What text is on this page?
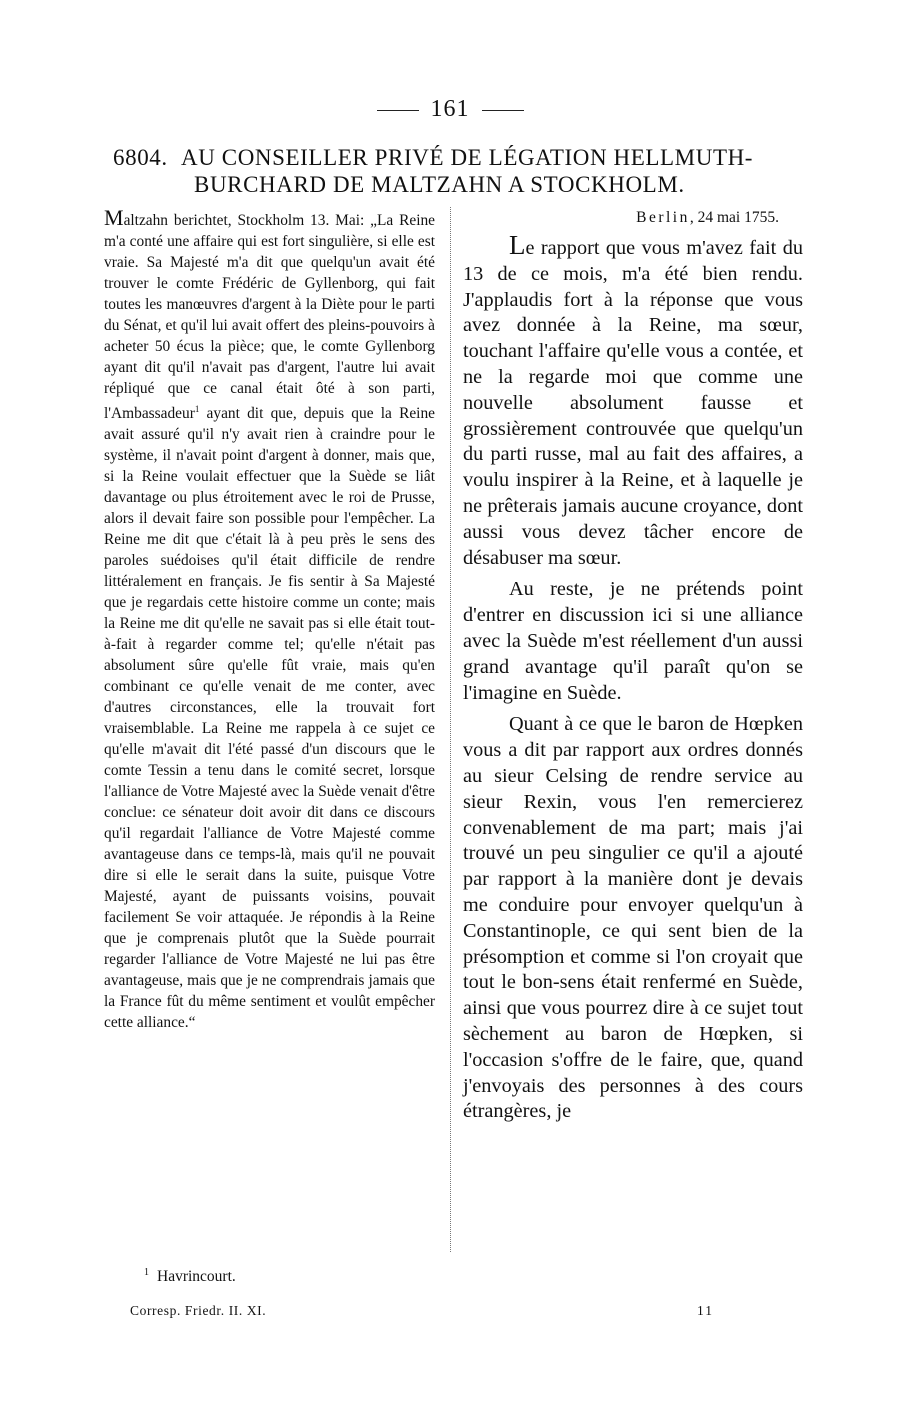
161
6804. AU CONSEILLER PRIVÉ DE LÉGATION HELLMUTH-
BURCHARD DE MALTZAHN A STOCKHOLM.

Maltzahn berichtet, Stockholm 13. Mai: „La Reine m'a conté une affaire qui est fort singulière, si elle est vraie. Sa Majesté m'a dit que quelqu'un avait été trouver le comte Frédéric de Gyllenborg, qui fait toutes les manœuvres d'argent à la Diète pour le parti du Sénat, et qu'il lui avait offert des pleins-pouvoirs à acheter 50 écus la pièce; que, le comte Gyllenborg ayant dit qu'il n'avait pas d'argent, l'autre lui avait répliqué que ce canal était ôté à son parti, l'Ambassadeur$^1$ ayant dit que, depuis que la Reine avait assuré qu'il n'y avait rien à craindre pour le système, il n'avait point d'argent à donner, mais que, si la Reine voulait effectuer que la Suède se liât davantage ou plus étroitement avec le roi de Prusse, alors il devait faire son possible pour l'empêcher. La Reine me dit que c'était là à peu près le sens des paroles suédoises qu'il était difficile de rendre littéralement en français. Je fis sentir à Sa Majesté que je regardais cette histoire comme un conte; mais la Reine me dit qu'elle ne savait pas si elle était tout-à-fait à regarder comme tel; qu'elle n'était pas absolument sûre qu'elle fût vraie, mais qu'en combinant ce qu'elle venait de me conter, avec d'autres circonstances, elle la trouvait fort vraisemblable. La Reine me rappela à ce sujet ce qu'elle m'avait dit l'été passé d'un discours que le comte Tessin a tenu dans le comité secret, lorsque l'alliance de Votre Majesté avec la Suède venait d'être conclue: ce sénateur doit avoir dit dans ce discours qu'il regardait l'alliance de Votre Majesté comme avantageuse dans ce temps-là, mais qu'il ne pouvait dire si elle le serait dans la suite, puisque Votre Majesté, ayant de puissants voisins, pouvait facilement Se voir attaquée. Je répondis à la Reine que je comprenais plutôt que la Suède pourrait regarder l'alliance de Votre Majesté ne lui pas être avantageuse, mais que je ne comprendrais jamais que la France fût du même sentiment et voulût empêcher cette alliance.“

Berlin, 24 mai 1755.

Le rapport que vous m'avez fait du 13 de ce mois, m'a été bien rendu. J'applaudis fort à la réponse que vous avez donnée à la Reine, ma sœur, touchant l'affaire qu'elle vous a contée, et ne la regarde moi que comme une nouvelle absolument fausse et grossièrement controuvée que quelqu'un du parti russe, mal au fait des affaires, a voulu inspirer à la Reine, et à laquelle je ne prêterais jamais aucune croyance, dont aussi vous devez tâcher encore de désabuser ma sœur.

Au reste, je ne prétends point d'entrer en discussion ici si une alliance avec la Suède m'est réellement d'un aussi grand avantage qu'il paraît qu'on se l'imagine en Suède.

Quant à ce que le baron de Hœpken vous a dit par rapport aux ordres donnés au sieur Celsing de rendre service au sieur Rexin, vous l'en remercierez convenablement de ma part; mais j'ai trouvé un peu singulier ce qu'il a ajouté par rapport à la manière dont je devais me conduire pour envoyer quelqu'un à Constantinople, ce qui sent bien de la présomption et comme si l'on croyait que tout le bon-sens était renfermé en Suède, ainsi que vous pourrez dire à ce sujet tout sèchement au baron de Hœpken, si l'occasion s'offre de le faire, que, quand j'envoyais des personnes à des cours étrangères, je

$^1$ Havrincourt.
Corresp. Friedr. II. XI.	11
